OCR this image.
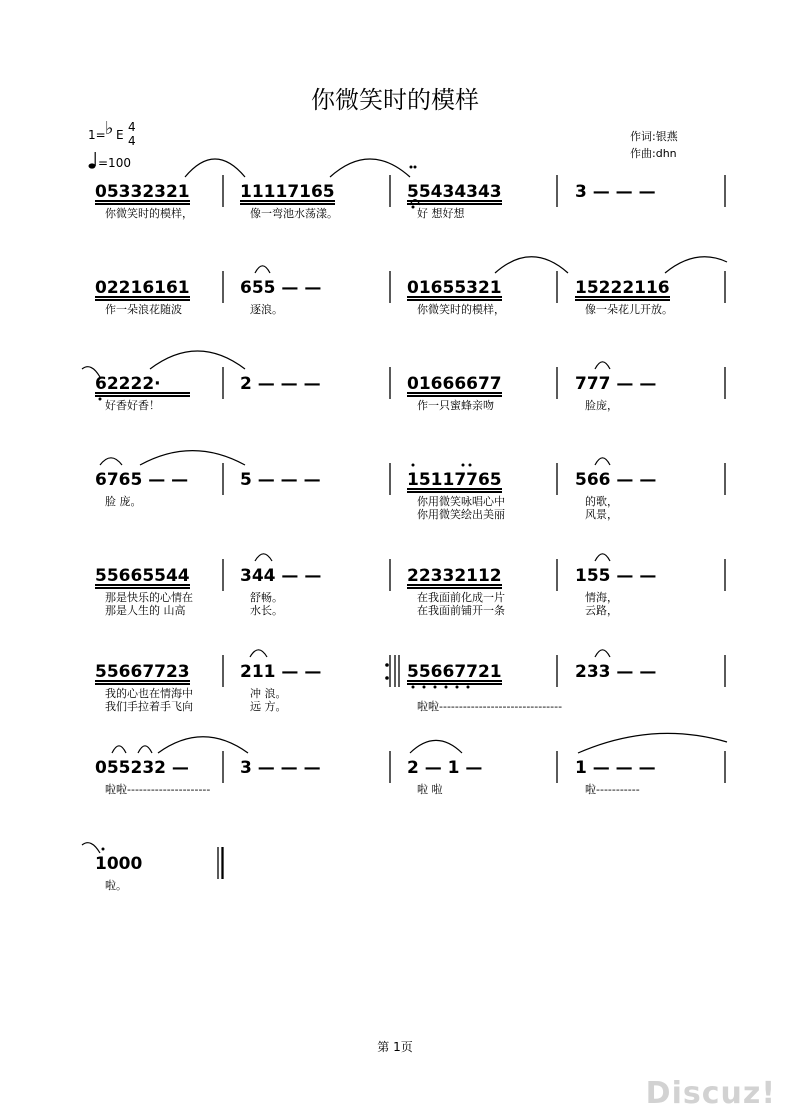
你微笑时的模样
1= ♭ E
4
4
=100
作词:银燕
作曲:dhn
05332321
你微笑时的模样，
11117165
像一弯池水荡漾。
55434343
好 想好想
3 — — —
02216161
作一朵浪花随波
655 — —
逐浪。
01655321
你微笑时的模样，
15222116
像一朵花儿开放。
62222·
好香好香！
2 — — —	01666677
作一只蜜蜂亲吻
777 — —
脸庞，
6765 — —
脸 庞。
5 — — —	15117765
你用微笑咏唱心中
你用微笑绘出美丽
566 — —
的歌，
风景，
55665544
那是快乐的心情在
那是人生的 山高
344 — —
舒畅。
水长。
22332112
在我面前化成一片
在我面前铺开一条
155 — —
情海，
云路，
55667723
我的心也在情海中
我们手拉着手飞向
211 — —
冲 浪。
远 方。
55667721
啦啦-------------------------------
233 — —
055232 —
啦啦---------------------
3 — — —	2 — 1 —
啦 啦
1 — — —
啦-----------
1000
啦。
第 1页
Discuz!
